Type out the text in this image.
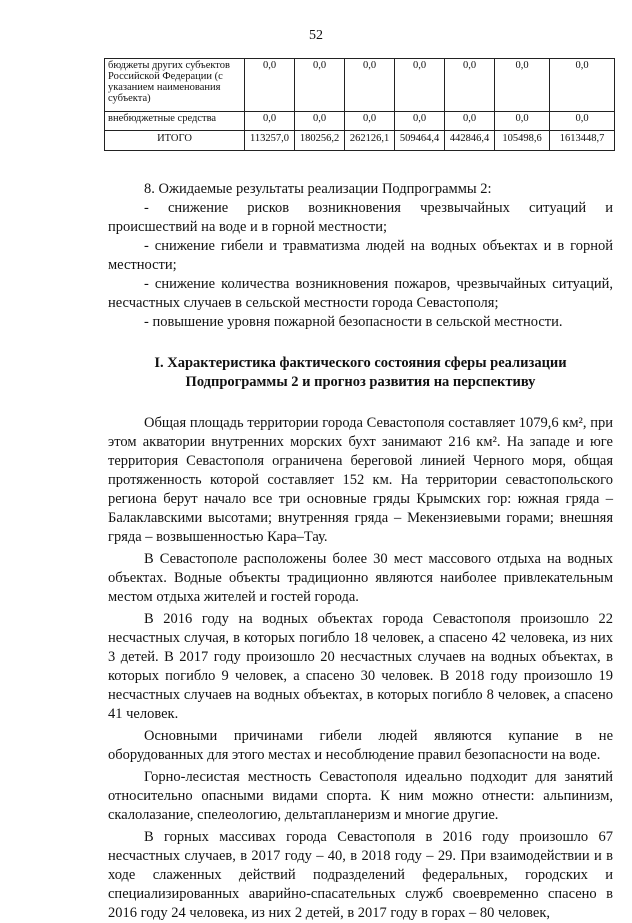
52
бюджеты других субъектов Российской Федерации (с указанием наименования субъекта)	0,0	0,0	0,0	0,0	0,0	0,0	0,0
внебюджетные средства	0,0	0,0	0,0	0,0	0,0	0,0	0,0
ИТОГО	113257,0	180256,2	262126,1	509464,4	442846,4	105498,6	1613448,7

8. Ожидаемые результаты реализации Подпрограммы 2:

- снижение рисков возникновения чрезвычайных ситуаций и происшествий на воде и в горной местности;

- снижение гибели и травматизма людей на водных объектах и в горной местности;

- снижение количества возникновения пожаров, чрезвычайных ситуаций, несчастных случаев в сельской местности города Севастополя;

- повышение уровня пожарной безопасности в сельской местности.

I. Характеристика фактического состояния сферы реализации Подпрограммы 2 и прогноз развития на перспективу

Общая площадь территории города Севастополя составляет 1079,6 км², при этом акватории внутренних морских бухт занимают 216 км². На западе и юге территория Севастополя ограничена береговой линией Черного моря, общая протяженность которой составляет 152 км. На территории севастопольского региона берут начало все три основные гряды Крымских гор: южная гряда – Балаклавскими высотами; внутренняя гряда – Мекензиевыми горами; внешняя гряда – возвышенностью Кара–Тау.

В Севастополе расположены более 30 мест массового отдыха на водных объектах. Водные объекты традиционно являются наиболее привлекательным местом отдыха жителей и гостей города.

В 2016 году на водных объектах города Севастополя произошло 22 несчастных случая, в которых погибло 18 человек, а спасено 42 человека, из них 3 детей. В 2017 году произошло 20 несчастных случаев на водных объектах, в которых погибло 9 человек, а спасено 30 человек. В 2018 году произошло 19 несчастных случаев на водных объектах, в которых погибло 8 человек, а спасено 41 человек.

Основными причинами гибели людей являются купание в не оборудованных для этого местах и несоблюдение правил безопасности на воде.

Горно-лесистая местность Севастополя идеально подходит для занятий относительно опасными видами спорта. К ним можно отнести: альпинизм, скалолазание, спелеологию, дельтапланеризм и многие другие.

В горных массивах города Севастополя в 2016 году произошло 67 несчастных случаев, в 2017 году – 40, в 2018 году – 29. При взаимодействии и в ходе слаженных действий подразделений федеральных, городских и специализированных аварийно-спасательных служб своевременно спасено в 2016 году 24 человека, из них 2 детей, в 2017 году в горах – 80 человек,
